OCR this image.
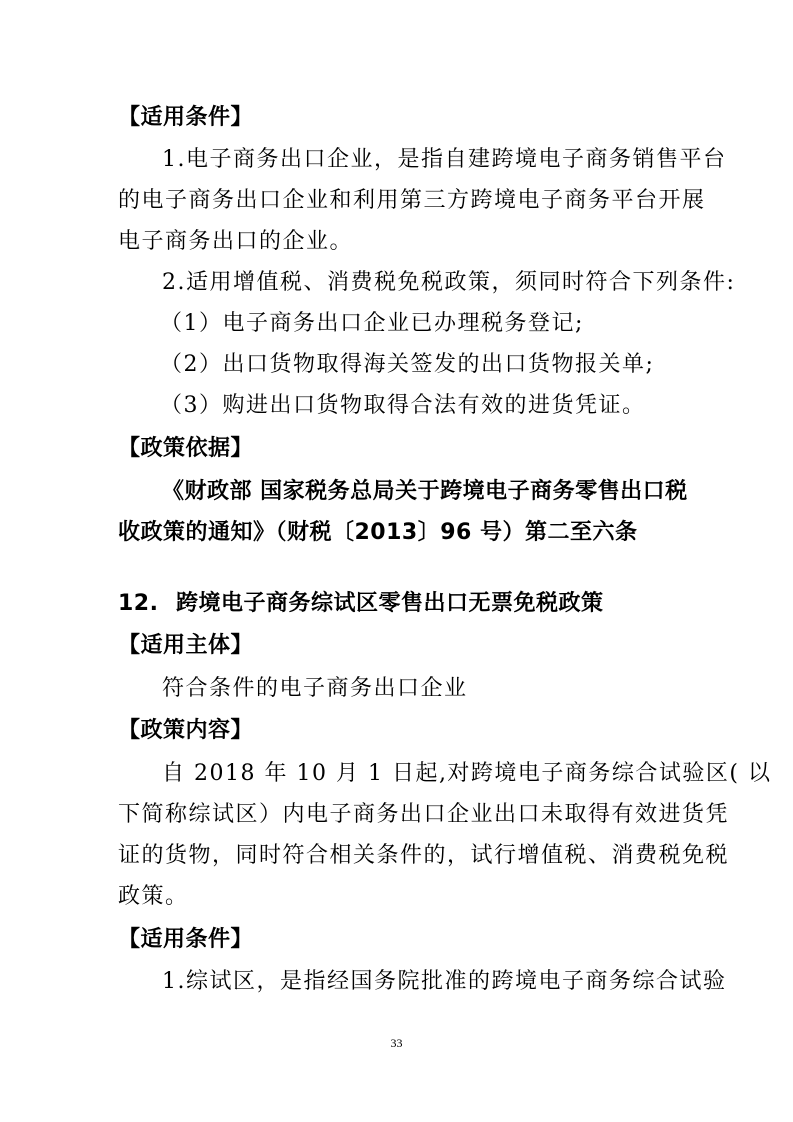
【适用条件】
1.电子商务出口企业，是指自建跨境电子商务销售平台
的电子商务出口企业和利用第三方跨境电子商务平台开展
电子商务出口的企业。
2.适用增值税、消费税免税政策，须同时符合下列条件:
（1）电子商务出口企业已办理税务登记;
（2）出口货物取得海关签发的出口货物报关单;
（3）购进出口货物取得合法有效的进货凭证。
【政策依据】
《财政部 国家税务总局关于跨境电子商务零售出口税
收政策的通知》（财税〔2013〕96 号）第二至六条
12. 跨境电子商务综试区零售出口无票免税政策
【适用主体】
符合条件的电子商务出口企业
【政策内容】
自 2018 年 10 月 1 日起,对跨境电子商务综合试验区( 以
下简称综试区）内电子商务出口企业出口未取得有效进货凭
证的货物，同时符合相关条件的，试行增值税、消费税免税
政策。
【适用条件】
1.综试区，是指经国务院批准的跨境电子商务综合试验
33
